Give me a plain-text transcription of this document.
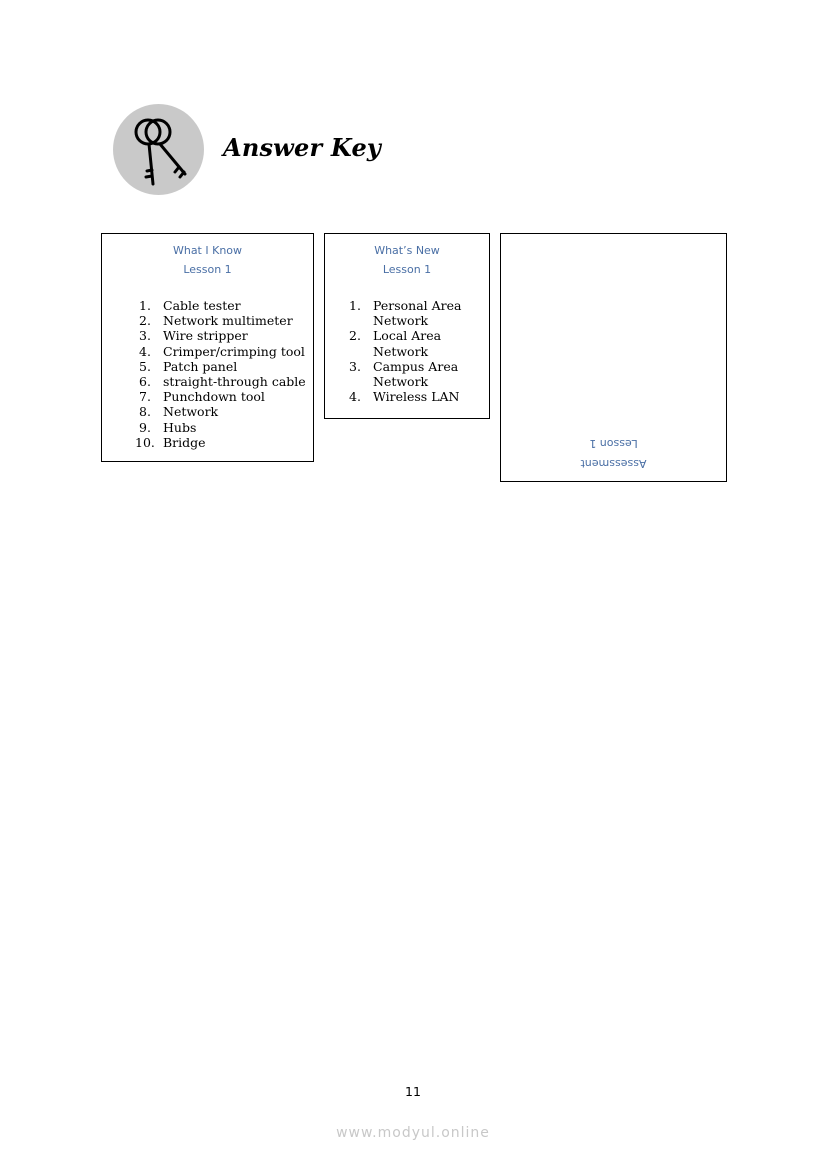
Answer Key
What I Know
Lesson 1
1. Cable tester
2. Network multimeter
3. Wire stripper
4. Crimper/crimping tool
5. Patch panel
6. straight-through cable
7. Punchdown tool
8. Network
9. Hubs
10. Bridge
What’s New
Lesson 1
1. Personal Area
Network
2. Local Area
Network
3. Campus Area
Network
4. Wireless LAN
Lesson 1
Assessment
11
www.modyul.online
